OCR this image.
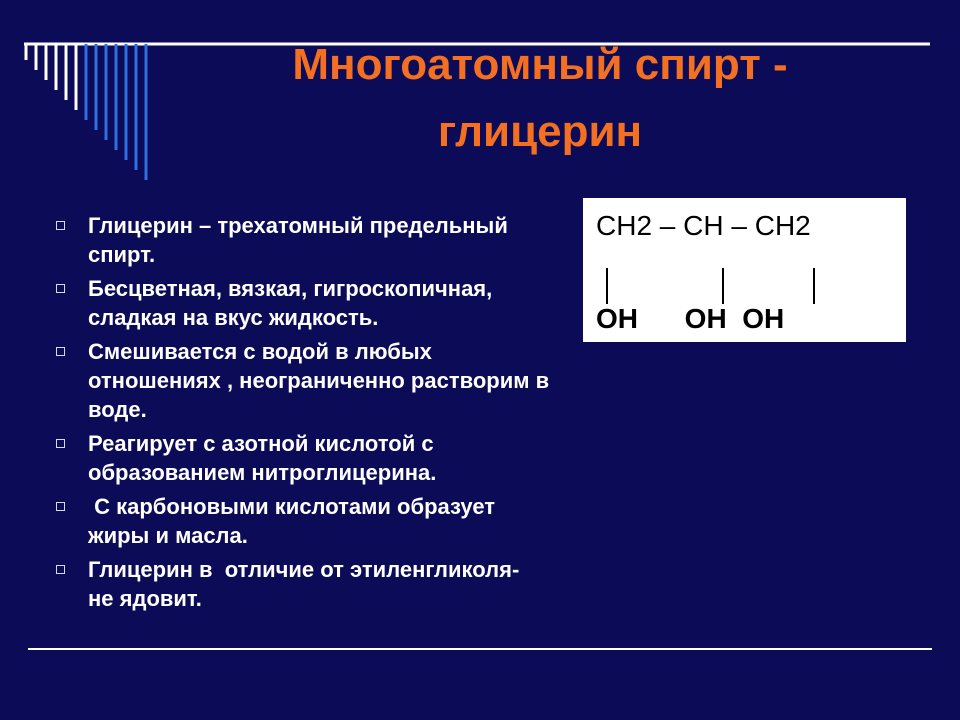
Многоатомный спирт -
глицерин
Глицерин – трехатомный предельный спирт.
Бесцветная, вязкая, гигроскопичная, сладкая на вкус жидкость.
Смешивается с водой в любых отношениях , неограниченно растворим в воде.
Реагирует с азотной кислотой с образованием нитроглицерина.
С карбоновыми кислотами образует жиры и масла.
Глицерин в  отличие от этиленгликоля-  не ядовит.
CH2 – CH – CH2
OH      OH  OH
